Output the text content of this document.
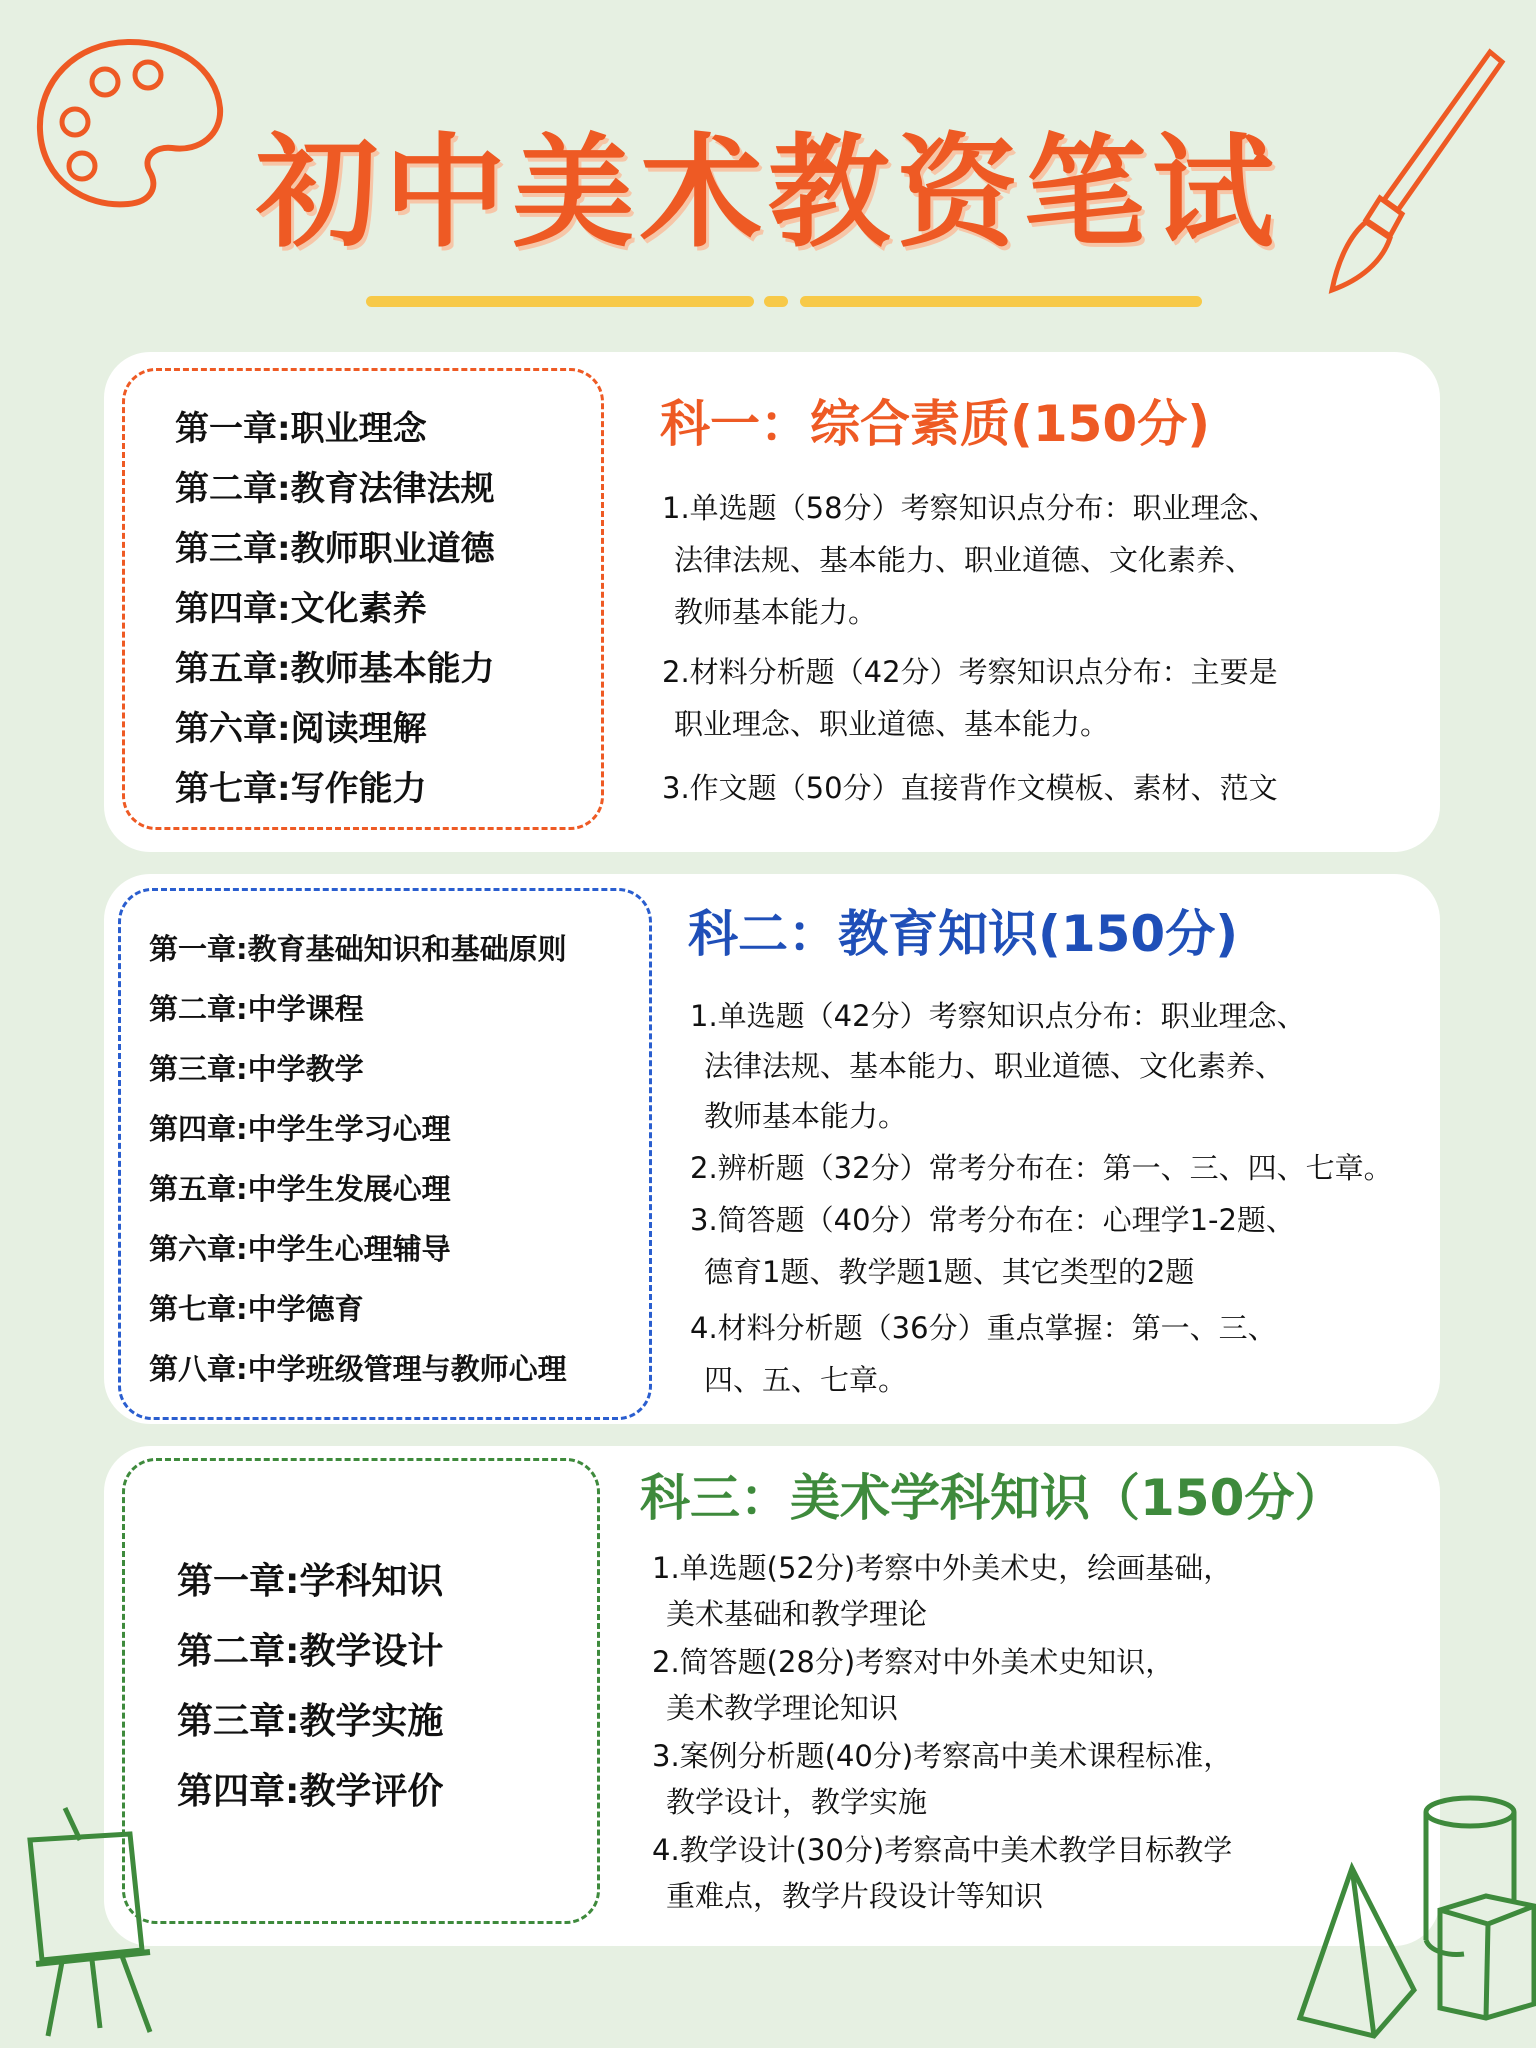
初中美术教资笔试
第一章:职业理念
第二章:教育法律法规
第三章:教师职业道德
第四章:文化素养
第五章:教师基本能力
第六章:阅读理解
第七章:写作能力
科一：综合素质(150分)
1.单选题（58分）考察知识点分布：职业理念、
法律法规、基本能力、职业道德、文化素养、
教师基本能力。
2.材料分析题（42分）考察知识点分布：主要是
职业理念、职业道德、基本能力。
3.作文题（50分）直接背作文模板、素材、范文
第一章:教育基础知识和基础原则
第二章:中学课程
第三章:中学教学
第四章:中学生学习心理
第五章:中学生发展心理
第六章:中学生心理辅导
第七章:中学德育
第八章:中学班级管理与教师心理
科二：教育知识(150分)
1.单选题（42分）考察知识点分布：职业理念、
法律法规、基本能力、职业道德、文化素养、
教师基本能力。
2.辨析题（32分）常考分布在：第一、三、四、七章。
3.简答题（40分）常考分布在：心理学1-2题、
德育1题、教学题1题、其它类型的2题
4.材料分析题（36分）重点掌握：第一、三、
四、五、七章。
第一章:学科知识
第二章:教学设计
第三章:教学实施
第四章:教学评价
科三：美术学科知识（150分）
1.单选题(52分)考察中外美术史，绘画基础，
美术基础和教学理论
2.简答题(28分)考察对中外美术史知识，
美术教学理论知识
3.案例分析题(40分)考察高中美术课程标准，
教学设计，教学实施
4.教学设计(30分)考察高中美术教学目标教学
重难点，教学片段设计等知识
